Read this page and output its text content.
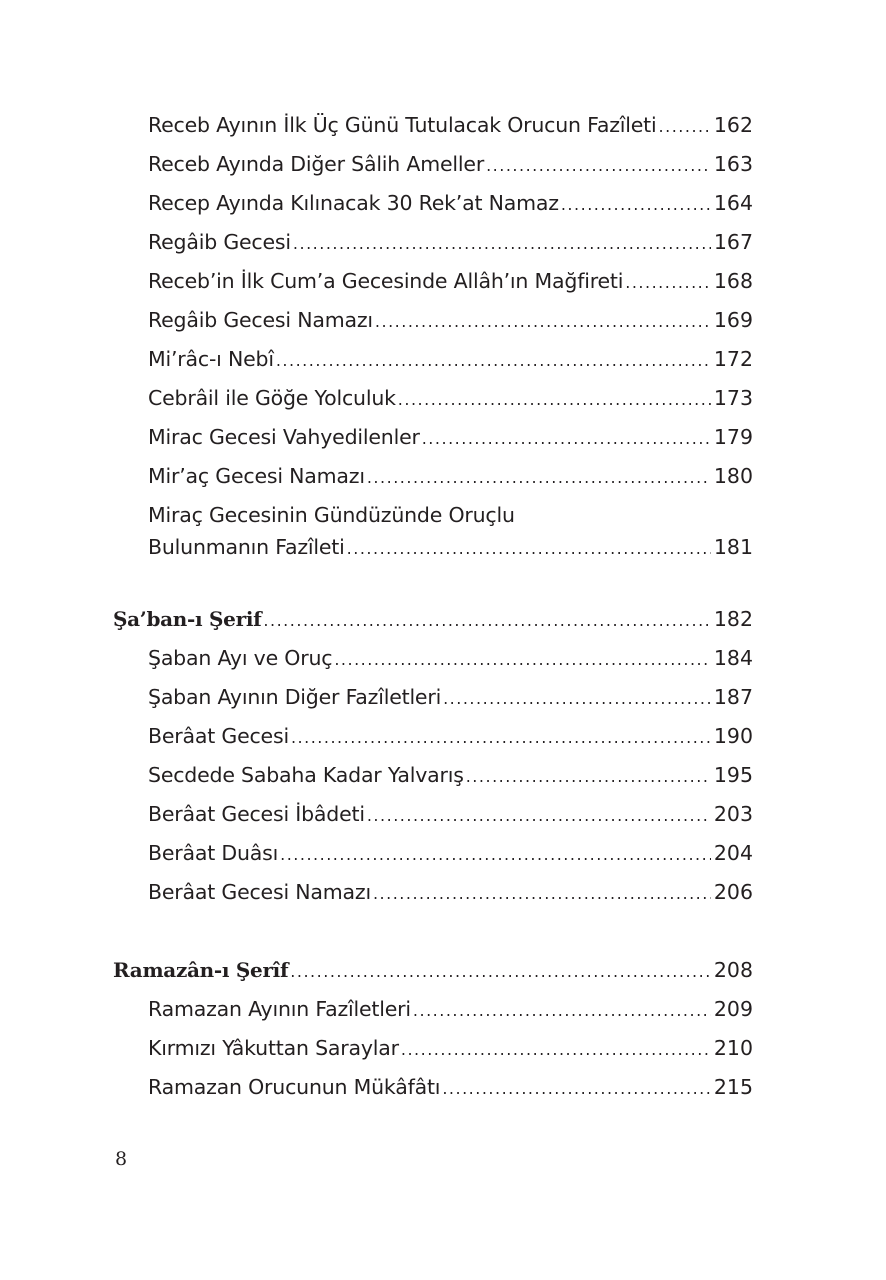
Receb Ayının İlk Üç Günü Tutulacak Orucun Fazîleti .....	162
Receb Ayında Diğer Sâlih Ameller .....	163
Recep Ayında Kılınacak 30 Rek’at Namaz .....	164
Regâib Gecesi .....	167
Receb’in İlk Cum’a Gecesinde Allâh’ın Mağfireti .....	168
Regâib Gecesi Namazı .....	169
Mi’râc-ı Nebî .....	172
Cebrâil ile Göğe Yolculuk .....	173
Mirac Gecesi Vahyedilenler .....	179
Mir’aç Gecesi Namazı .....	180
Miraç Gecesinin Gündüzünde Oruçlu
Bulunmanın Fazîleti .....	181
Şa’ban-ı Şerif .....	182
Şaban Ayı ve Oruç .....	184
Şaban Ayının Diğer Fazîletleri .....	187
Berâat Gecesi .....	190
Secdede Sabaha Kadar Yalvarış .....	195
Berâat Gecesi İbâdeti .....	203
Berâat Duâsı .....	204
Berâat Gecesi Namazı .....	206
Ramazân-ı Şerîf .....	208
Ramazan Ayının Fazîletleri .....	209
Kırmızı Yâkuttan Saraylar .....	210
Ramazan Orucunun Mükâfâtı .....	215
8
